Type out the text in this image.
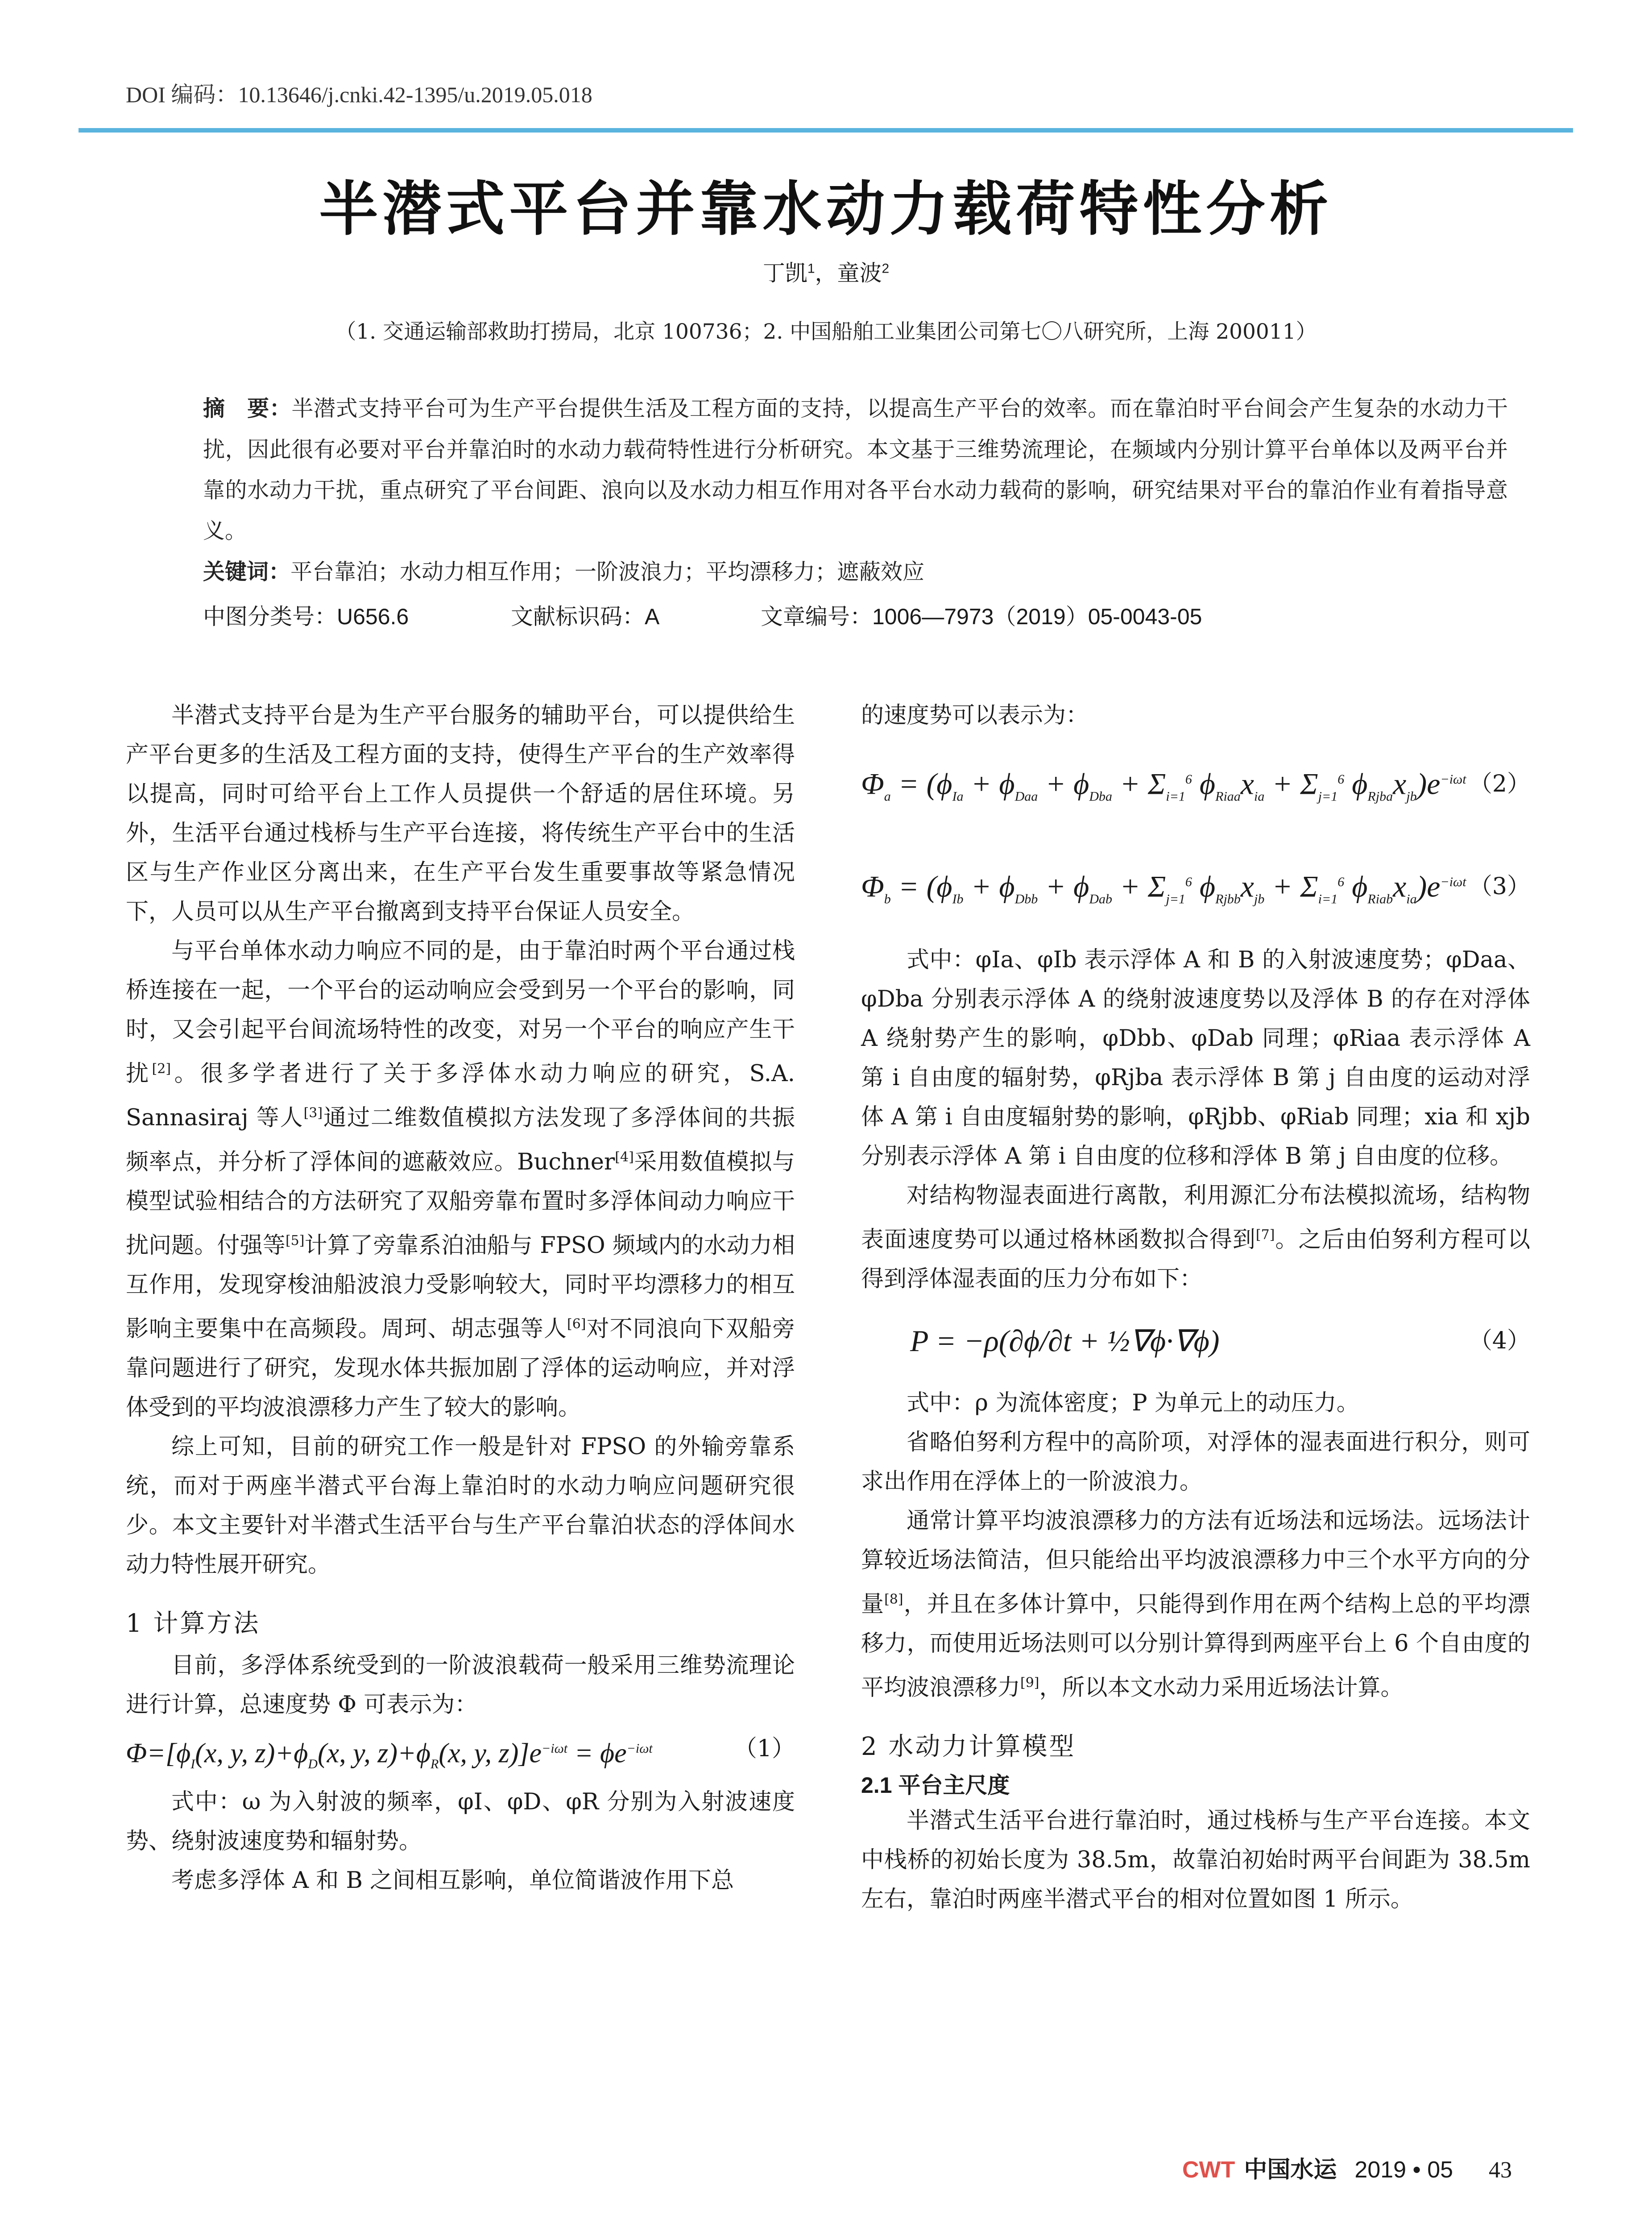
DOI 编码：10.13646/j.cnki.42-1395/u.2019.05.018
半潜式平台并靠水动力载荷特性分析
丁凯$^1$，童波$^2$
（1. 交通运输部救助打捞局，北京 100736；2. 中国船舶工业集团公司第七〇八研究所，上海 200011）
摘　要：半潜式支持平台可为生产平台提供生活及工程方面的支持，以提高生产平台的效率。而在靠泊时平台间会产生复杂的水动力干扰，因此很有必要对平台并靠泊时的水动力载荷特性进行分析研究。本文基于三维势流理论，在频域内分别计算平台单体以及两平台并靠的水动力干扰，重点研究了平台间距、浪向以及水动力相互作用对各平台水动力载荷的影响，研究结果对平台的靠泊作业有着指导意义。
关键词：平台靠泊；水动力相互作用；一阶波浪力；平均漂移力；遮蔽效应
中图分类号：U656.6	文献标识码：A	文章编号：1006—7973（2019）05-0043-05

半潜式支持平台是为生产平台服务的辅助平台，可以提供给生产平台更多的生活及工程方面的支持，使得生产平台的生产效率得以提高，同时可给平台上工作人员提供一个舒适的居住环境。另外，生活平台通过栈桥与生产平台连接，将传统生产平台中的生活区与生产作业区分离出来，在生产平台发生重要事故等紧急情况下，人员可以从生产平台撤离到支持平台保证人员安全。

与平台单体水动力响应不同的是，由于靠泊时两个平台通过栈桥连接在一起，一个平台的运动响应会受到另一个平台的影响，同时，又会引起平台间流场特性的改变，对另一个平台的响应产生干扰[2]。很多学者进行了关于多浮体水动力响应的研究，S.A. Sannasiraj 等人[3]通过二维数值模拟方法发现了多浮体间的共振频率点，并分析了浮体间的遮蔽效应。Buchner[4]采用数值模拟与模型试验相结合的方法研究了双船旁靠布置时多浮体间动力响应干扰问题。付强等[5]计算了旁靠系泊油船与 FPSO 频域内的水动力相互作用，发现穿梭油船波浪力受影响较大，同时平均漂移力的相互影响主要集中在高频段。周珂、胡志强等人[6]对不同浪向下双船旁靠问题进行了研究，发现水体共振加剧了浮体的运动响应，并对浮体受到的平均波浪漂移力产生了较大的影响。

综上可知，目前的研究工作一般是针对 FPSO 的外输旁靠系统，而对于两座半潜式平台海上靠泊时的水动力响应问题研究很少。本文主要针对半潜式生活平台与生产平台靠泊状态的浮体间水动力特性展开研究。

1 计算方法

目前，多浮体系统受到的一阶波浪载荷一般采用三维势流理论进行计算，总速度势 Φ 可表示为：

$\Phi=[\phi_I(x$, y, $z)+\phi_D(x$, y, $z)+\phi_R(x$, y, $z)]e^{-i\omega t} = \phi e^{-i\omega t}$	（1）

式中：ω 为入射波的频率，φI、φD、φR 分别为入射波速度势、绕射波速度势和辐射势。

考虑多浮体 A 和 B 之间相互影响，单位简谐波作用下总

的速度势可以表示为：

$\Phi_a = (\phi_{Ia} + \phi_{Daa} + \phi_{Dba} + \Sigma_{i=1}^6$ $\phi_{Riaa}x_{ia} + \Sigma_{j=1}^6$ $\phi_{Rjba}x_{jb})e^{-i\omega t}$ （2）
$\Phi_b = (\phi_{Ib} + \phi_{Dbb} + \phi_{Dab} + \Sigma_{j=1}^6$ $\phi_{Rjbb}x_{jb} + \Sigma_{i=1}^6$ $\phi_{Riab}x_{ia})e^{-i\omega t}$ （3）

式中：φIa、φIb 表示浮体 A 和 B 的入射波速度势；φDaa、φDba 分别表示浮体 A 的绕射波速度势以及浮体 B 的存在对浮体 A 绕射势产生的影响，φDbb、φDab 同理；φRiaa 表示浮体 A 第 i 自由度的辐射势，φRjba 表示浮体 B 第 j 自由度的运动对浮体 A 第 i 自由度辐射势的影响，φRjbb、φRiab 同理；xia 和 xjb 分别表示浮体 A 第 i 自由度的位移和浮体 B 第 j 自由度的位移。

对结构物湿表面进行离散，利用源汇分布法模拟流场，结构物表面速度势可以通过格林函数拟合得到[7]。之后由伯努利方程可以得到浮体湿表面的压力分布如下：

P = −ρ(∂ϕ/∂t + ½∇ϕ·∇ϕ)	（4）

式中：ρ 为流体密度；P 为单元上的动压力。

省略伯努利方程中的高阶项，对浮体的湿表面进行积分，则可求出作用在浮体上的一阶波浪力。

通常计算平均波浪漂移力的方法有近场法和远场法。远场法计算较近场法简洁，但只能给出平均波浪漂移力中三个水平方向的分量[8]，并且在多体计算中，只能得到作用在两个结构上总的平均漂移力，而使用近场法则可以分别计算得到两座平台上 6 个自由度的平均波浪漂移力[9]，所以本文水动力采用近场法计算。

2 水动力计算模型
2.1 平台主尺度

半潜式生活平台进行靠泊时，通过栈桥与生产平台连接。本文中栈桥的初始长度为 38.5m，故靠泊初始时两平台间距为 38.5m 左右，靠泊时两座半潜式平台的相对位置如图 1 所示。

CWT 中国水运 2019 • 05 43
